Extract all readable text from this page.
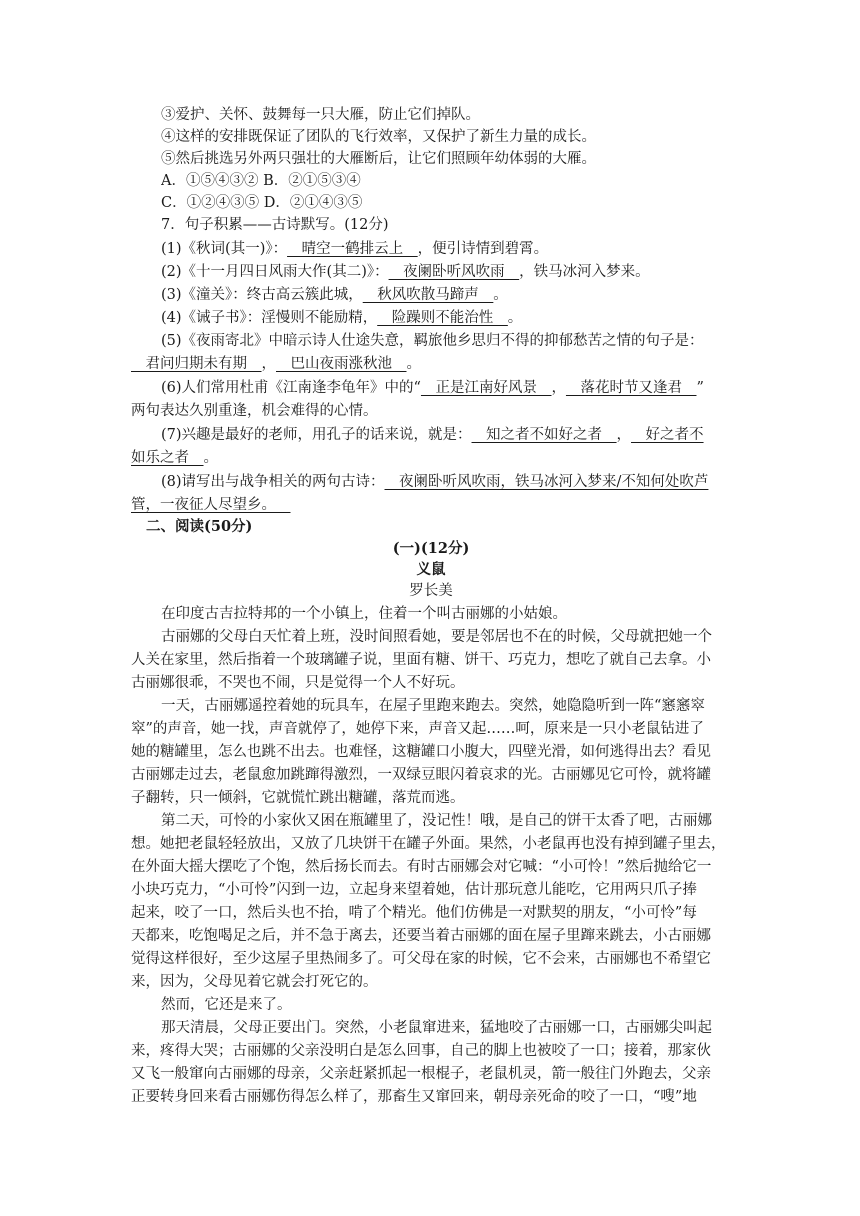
③爱护、关怀、鼓舞每一只大雁，防止它们掉队。
④这样的安排既保证了团队的飞行效率，又保护了新生力量的成长。
⑤然后挑选另外两只强壮的大雁断后，让它们照顾年幼体弱的大雁。
A．①⑤④③② B．②①⑤③④
C．①②④③⑤ D．②①④③⑤
7．句子积累——古诗默写。(12分)
(1)《秋词(其一)》：__晴空一鹤排云上__，便引诗情到碧霄。
(2)《十一月四日风雨大作(其二)》：__夜阑卧听风吹雨__，铁马冰河入梦来。
(3)《潼关》：终古高云簇此城，__秋风吹散马蹄声__。
(4)《诫子书》：淫慢则不能励精，__险躁则不能治性__。
(5)《夜雨寄北》中暗示诗人仕途失意，羁旅他乡思归不得的抑郁愁苦之情的句子是：
__君问归期未有期__，__巴山夜雨涨秋池__。
(6)人们常用杜甫《江南逢李龟年》中的“__正是江南好风景__，__落花时节又逢君__”
两句表达久别重逢，机会难得的心情。
(7)兴趣是最好的老师，用孔子的话来说，就是：__知之者不如好之者__，__好之者不
如乐之者__。
(8)请写出与战争相关的两句古诗：__夜阑卧听风吹雨，铁马冰河入梦来/不知何处吹芦
管，一夜征人尽望乡。__
二、阅读(50分)
(一)(12分)
义鼠
罗长美
在印度古吉拉特邦的一个小镇上，住着一个叫古丽娜的小姑娘。
古丽娜的父母白天忙着上班，没时间照看她，要是邻居也不在的时候，父母就把她一个
人关在家里，然后指着一个玻璃罐子说，里面有糖、饼干、巧克力，想吃了就自己去拿。小
古丽娜很乖，不哭也不闹，只是觉得一个人不好玩。
一天，古丽娜遥控着她的玩具车，在屋子里跑来跑去。突然，她隐隐听到一阵“窸窸窣
窣”的声音，她一找，声音就停了，她停下来，声音又起……呵，原来是一只小老鼠钻进了
她的糖罐里，怎么也跳不出去。也难怪，这糖罐口小腹大，四壁光滑，如何逃得出去？看见
古丽娜走过去，老鼠愈加跳蹿得激烈，一双绿豆眼闪着哀求的光。古丽娜见它可怜，就将罐
子翻转，只一倾斜，它就慌忙跳出糖罐，落荒而逃。
第二天，可怜的小家伙又困在瓶罐里了，没记性！哦，是自己的饼干太香了吧，古丽娜
想。她把老鼠轻轻放出，又放了几块饼干在罐子外面。果然，小老鼠再也没有掉到罐子里去，
在外面大摇大摆吃了个饱，然后扬长而去。有时古丽娜会对它喊：“小可怜！”然后抛给它一
小块巧克力，“小可怜”闪到一边，立起身来望着她，估计那玩意儿能吃，它用两只爪子捧
起来，咬了一口，然后头也不抬，啃了个精光。他们仿佛是一对默契的朋友，“小可怜”每
天都来，吃饱喝足之后，并不急于离去，还要当着古丽娜的面在屋子里蹿来跳去，小古丽娜
觉得这样很好，至少这屋子里热闹多了。可父母在家的时候，它不会来，古丽娜也不希望它
来，因为，父母见着它就会打死它的。
然而，它还是来了。
那天清晨，父母正要出门。突然，小老鼠窜进来，猛地咬了古丽娜一口，古丽娜尖叫起
来，疼得大哭；古丽娜的父亲没明白是怎么回事，自己的脚上也被咬了一口；接着，那家伙
又飞一般窜向古丽娜的母亲，父亲赶紧抓起一根棍子，老鼠机灵，箭一般往门外跑去，父亲
正要转身回来看古丽娜伤得怎么样了，那畜生又窜回来，朝母亲死命的咬了一口，“嗖”地
